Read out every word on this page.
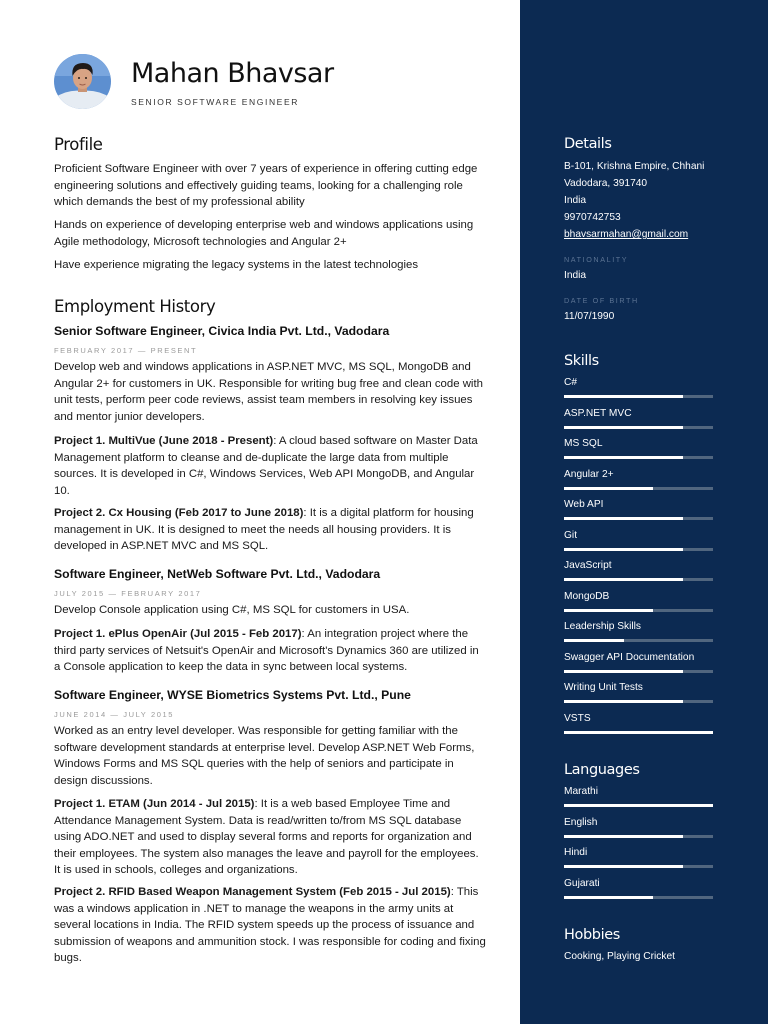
Mahan Bhavsar
SENIOR SOFTWARE ENGINEER
Profile

Proficient Software Engineer with over 7 years of experience in offering cutting edge engineering solutions and effectively guiding teams, looking for a challenging role which demands the best of my professional ability

Hands on experience of developing enterprise web and windows applications using Agile methodology, Microsoft technologies and Angular 2+

Have experience migrating the legacy systems in the latest technologies

Employment History
Senior Software Engineer, Civica India Pvt. Ltd., Vadodara
FEBRUARY 2017 — PRESENT

Develop web and windows applications in ASP.NET MVC, MS SQL, MongoDB and Angular 2+ for customers in UK. Responsible for writing bug free and clean code with unit tests, perform peer code reviews, assist team members in resolving key issues and mentor junior developers.

Project 1. MultiVue (June 2018 - Present): A cloud based software on Master Data Management platform to cleanse and de-duplicate the large data from multiple sources. It is developed in C#, Windows Services, Web API MongoDB, and Angular 10.

Project 2. Cx Housing (Feb 2017 to June 2018): It is a digital platform for housing management in UK. It is designed to meet the needs all housing providers. It is developed in ASP.NET MVC and MS SQL.

Software Engineer, NetWeb Software Pvt. Ltd., Vadodara
JULY 2015 — FEBRUARY 2017

Develop Console application using C#, MS SQL for customers in USA.

Project 1. ePlus OpenAir (Jul 2015 - Feb 2017): An integration project where the third party services of Netsuit's OpenAir and Microsoft's Dynamics 360 are utilized in a Console application to keep the data in sync between local systems.

Software Engineer, WYSE Biometrics Systems Pvt. Ltd., Pune
JUNE 2014 — JULY 2015

Worked as an entry level developer. Was responsible for getting familiar with the software development standards at enterprise level. Develop ASP.NET Web Forms, Windows Forms and MS SQL queries with the help of seniors and participate in design discussions.

Project 1. ETAM (Jun 2014 - Jul 2015): It is a web based Employee Time and Attendance Management System. Data is read/written to/from MS SQL database using ADO.NET and used to display several forms and reports for organization and their employees. The system also manages the leave and payroll for the employees. It is used in schools, colleges and organizations.

Project 2. RFID Based Weapon Management System (Feb 2015 - Jul 2015): This was a windows application in .NET to manage the weapons in the army units at several locations in India. The RFID system speeds up the process of issuance and submission of weapons and ammunition stock. I was responsible for coding and fixing bugs.

Details
B-101, Krishna Empire, Chhani
Vadodara, 391740
India
9970742753
bhavsarmahan@gmail.com
NATIONALITY
India
DATE OF BIRTH
11/07/1990
Skills
C#
ASP.NET MVC
MS SQL
Angular 2+
Web API
Git
JavaScript
MongoDB
Leadership Skills
Swagger API Documentation
Writing Unit Tests
VSTS
Languages
Marathi
English
Hindi
Gujarati
Hobbies
Cooking, Playing Cricket
